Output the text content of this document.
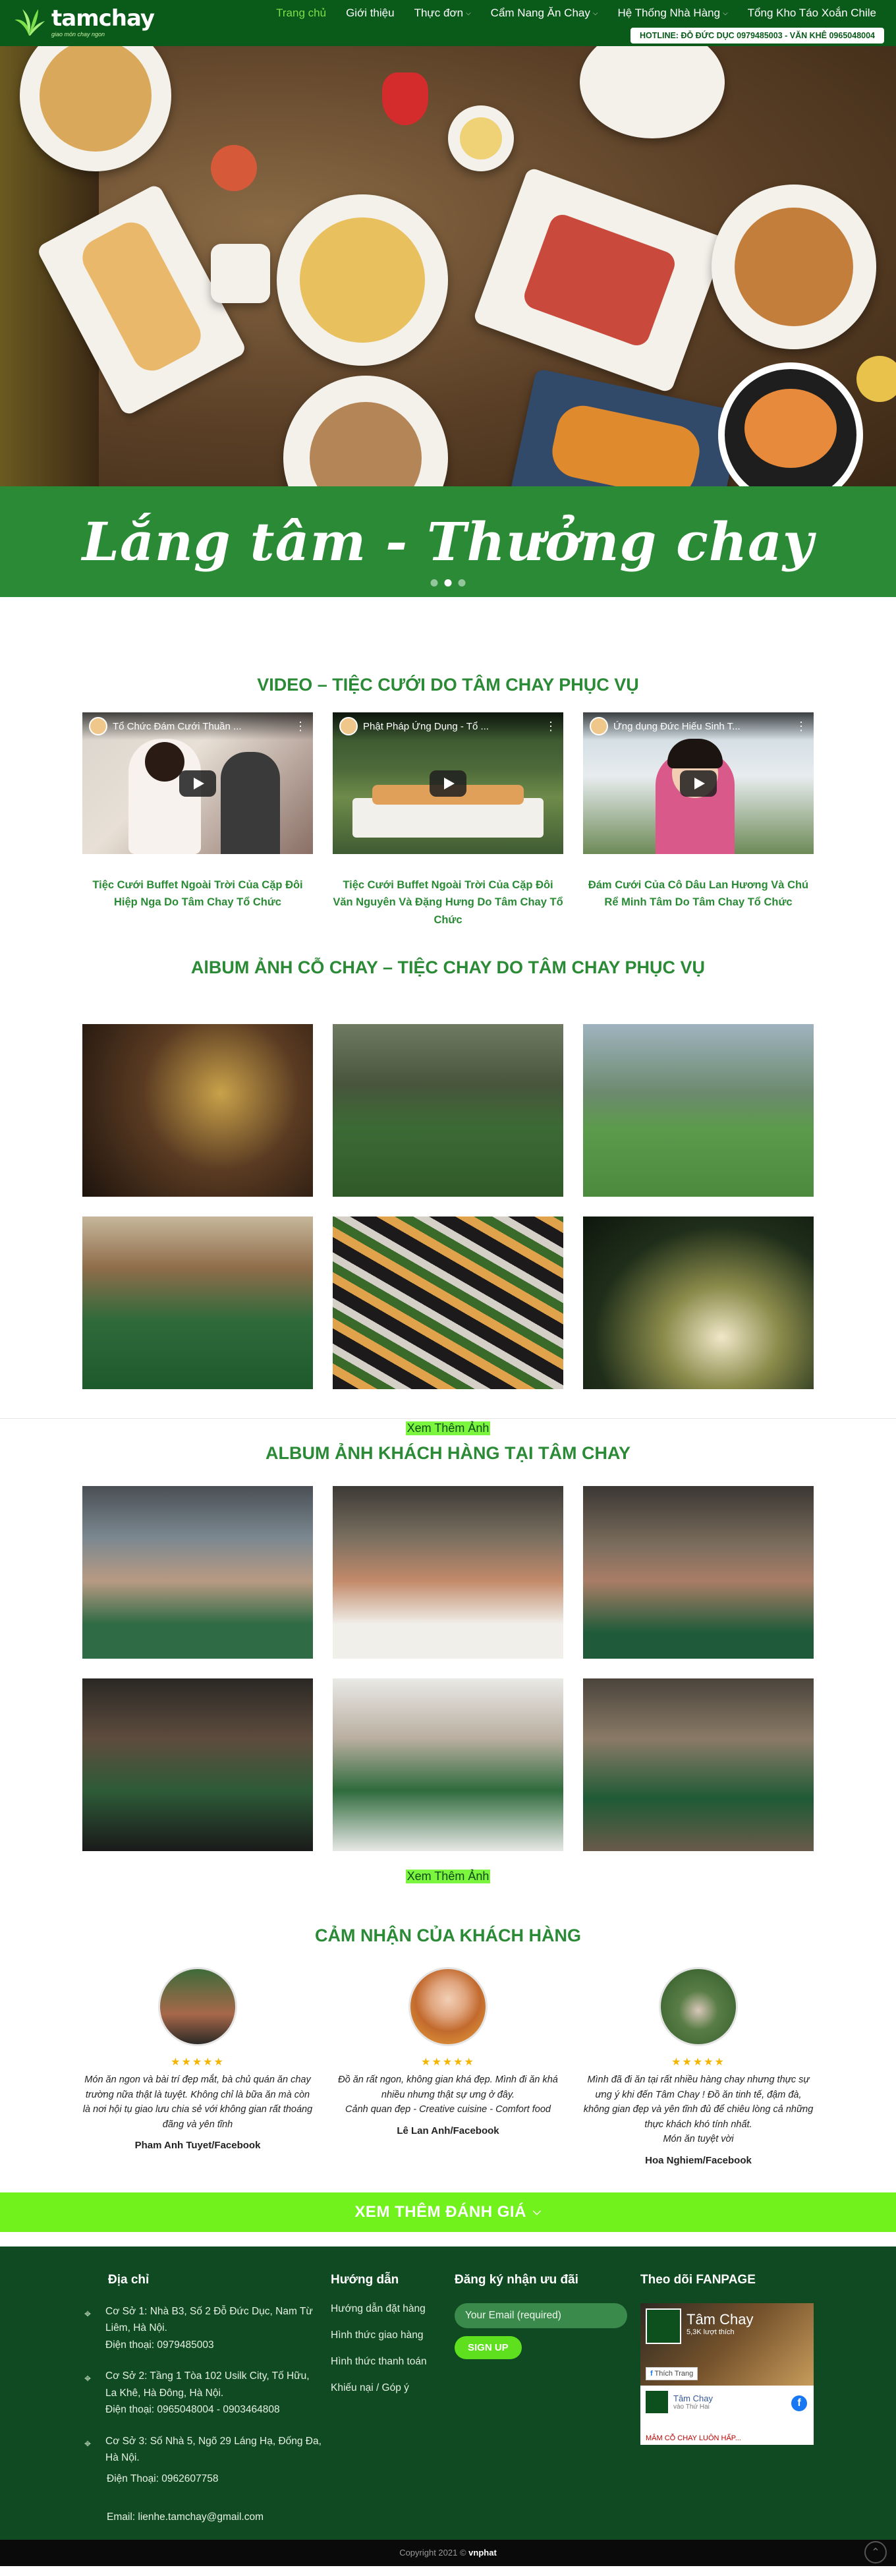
tamchay
giao món chay ngon
Trang chủ Giới thiệu Thực đơn ⌵ Cẩm Nang Ăn Chay ⌵ Hệ Thống Nhà Hàng ⌵ Tổng Kho Táo Xoắn Chile
HOTLINE: ĐỖ ĐỨC DỤC 0979485003 - VĂN KHÊ 0965048004
Lắng tâm - Thưởng chay
VIDEO – TIỆC CƯỚI DO TÂM CHAY PHỤC VỤ
Tổ Chức Đám Cưới Thuần ...	⋮
Tiệc Cưới Buffet Ngoài Trời Của Cặp Đôi Hiệp Nga Do Tâm Chay Tổ Chức
Phật Pháp Ứng Dụng - Tổ ...	⋮
Tiệc Cưới Buffet Ngoài Trời Của Cặp Đôi Văn Nguyên Và Đặng Hưng Do Tâm Chay Tổ Chức
Ứng dụng Đức Hiếu Sinh T...	⋮
Đám Cưới Của Cô Dâu Lan Hương Và Chú Rể Minh Tâm Do Tâm Chay Tổ Chức
AlBUM ẢNH CỖ CHAY – TIỆC CHAY DO TÂM CHAY PHỤC VỤ
Xem Thêm Ảnh
ALBUM ẢNH KHÁCH HÀNG TẠI TÂM CHAY
Xem Thêm Ảnh
CẢM NHẬN CỦA KHÁCH HÀNG
★★★★★
Món ăn ngon và bài trí đẹp mắt, bà chủ quán ăn chay trường nữa thật là tuyệt. Không chỉ là bữa ăn mà còn là nơi hội tụ giao lưu chia sẻ với không gian rất thoáng đãng và yên tĩnh
Pham Anh Tuyet/Facebook
★★★★★
Đồ ăn rất ngon, không gian khá đẹp. Mình đi ăn khá nhiều nhưng thật sự ưng ở đây.
Cảnh quan đẹp - Creative cuisine - Comfort food
Lê Lan Anh/Facebook
★★★★★
Mình đã đi ăn tại rất nhiều hàng chay nhưng thực sự ưng ý khi đến Tâm Chay ! Đồ ăn tinh tế, đậm đà, không gian đẹp và yên tĩnh đủ để chiêu lòng cả những thực khách khó tính nhất.
Món ăn tuyệt vời
Hoa Nghiem/Facebook
XEM THÊM ĐÁNH GIÁ ⌵
Địa chỉ
⌖	Cơ Sở 1: Nhà B3, Số 2 Đỗ Đức Dục, Nam Từ Liêm, Hà Nội.
Điện thoại: 0979485003
⌖	Cơ Sở 2: Tầng 1 Tòa 102 Usilk City, Tố Hữu, La Khê, Hà Đông, Hà Nội.
Điện thoại: 0965048004 - 0903464808
⌖	Cơ Sở 3: Số Nhà 5, Ngõ 29 Láng Hạ, Đống Đa, Hà Nội.
Điện Thoại: 0962607758
Email: lienhe.tamchay@gmail.com
Hướng dẫn
Hướng dẫn đặt hàng
Hình thức giao hàng
Hình thức thanh toán
Khiếu nại / Góp ý
Đăng ký nhận ưu đãi
Your Email (required)
SIGN UP
Theo dõi FANPAGE
Tâm Chay
5,3K lượt thích
f Thích Trang
Tâm Chay
vào Thứ Hai	f
MÂM CỖ CHAY LUÔN HẤP...
Copyright 2021 ©
vnphat	⌃
